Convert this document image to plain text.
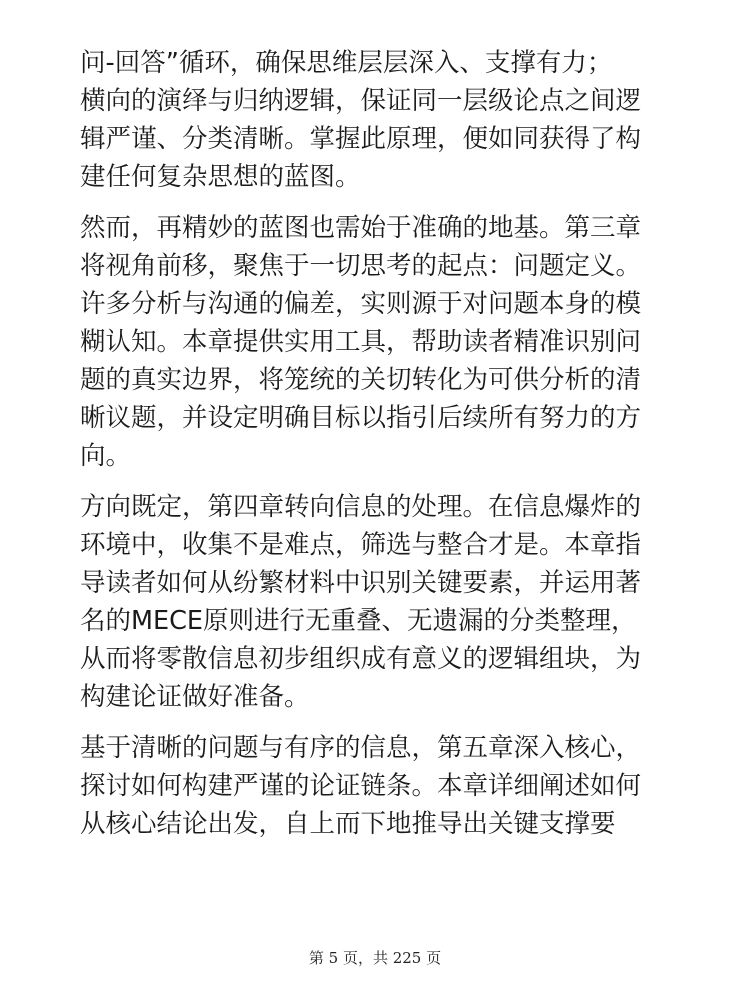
问-回答”循环，确保思维层层深入、支撑有力；
横向的演绎与归纳逻辑，保证同一层级论点之间逻
辑严谨、分类清晰。掌握此原理，便如同获得了构
建任何复杂思想的蓝图。
然而，再精妙的蓝图也需始于准确的地基。第三章
将视角前移，聚焦于一切思考的起点：问题定义。
许多分析与沟通的偏差，实则源于对问题本身的模
糊认知。本章提供实用工具，帮助读者精准识别问
题的真实边界，将笼统的关切转化为可供分析的清
晰议题，并设定明确目标以指引后续所有努力的方
向。
方向既定，第四章转向信息的处理。在信息爆炸的
环境中，收集不是难点，筛选与整合才是。本章指
导读者如何从纷繁材料中识别关键要素，并运用著
名的MECE原则进行无重叠、无遗漏的分类整理，
从而将零散信息初步组织成有意义的逻辑组块，为
构建论证做好准备。
基于清晰的问题与有序的信息，第五章深入核心，
探讨如何构建严谨的论证链条。本章详细阐述如何
从核心结论出发，自上而下地推导出关键支撑要
第 5 页，共 225 页
